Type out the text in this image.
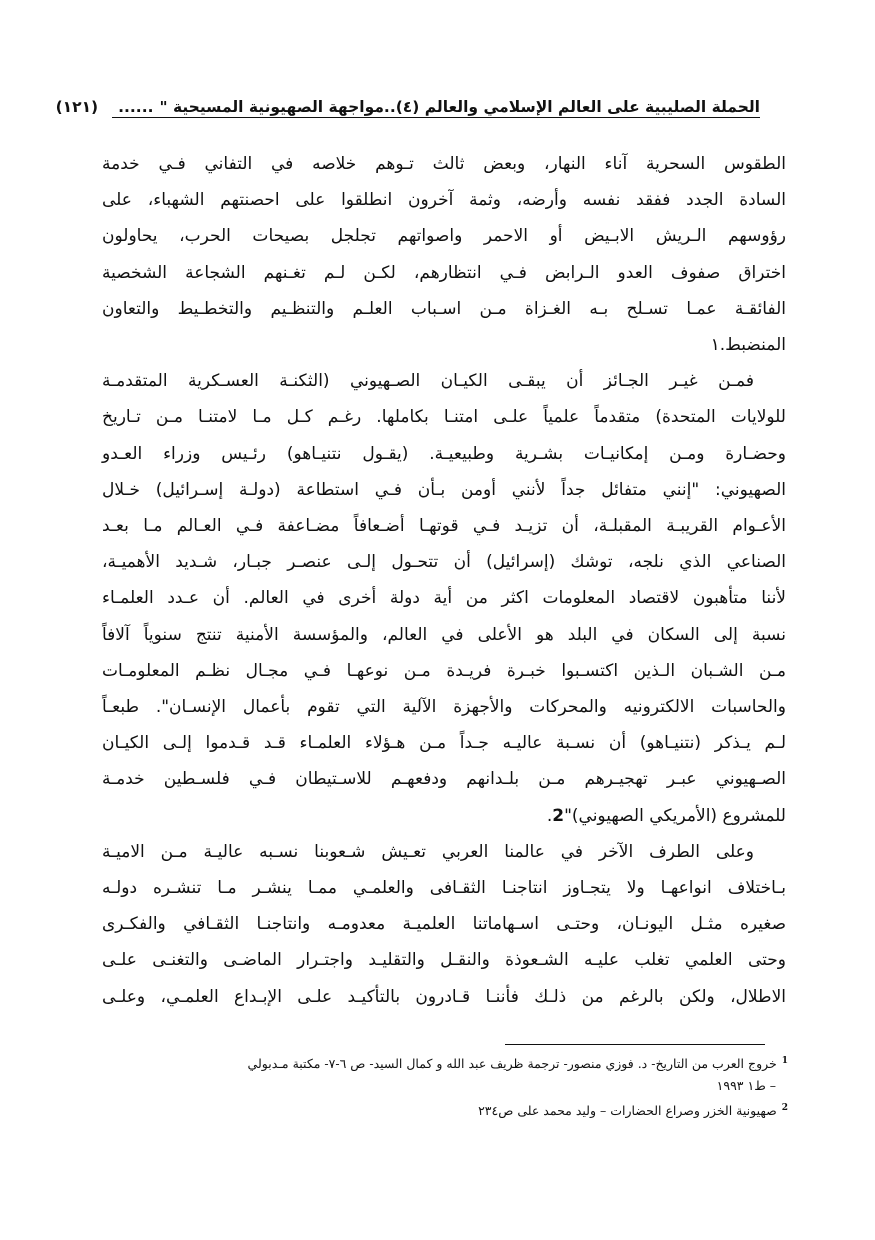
الحملة الصليبية على العالم الإسلامي والعالم (٤)..مواجهة الصهيونية المسيحية "
......
(١٢١)
الطقوس السحرية آناء النهار، وبعض ثالث تـوهم خلاصه في التفاني فـي خدمة
السادة الجدد ففقد نفسه وأرضه، وثمة آخرون انطلقوا على احصنتهم الشهباء، على
رؤوسهم الـريش الابـيض أو الاحمر واصواتهم تجلجل بصيحات الحرب، يحاولون
اختراق صفوف العدو الـرابض فـي انتظارهم، لكـن لـم تغـنهم الشجاعة الشخصية
الفائقـة عمـا تسـلح بـه الغـزاة مـن اسـباب العلـم والتنظـيم والتخطـيط والتعاون
المنضبط.١
فمـن غيـر الجـائز أن يبقـى الكيـان الصـهيوني (الثكنـة العسـكرية المتقدمـة
للولايات المتحدة) متقدماً علمياً علـى امتنـا بكاملها. رغـم كـل مـا لامتنـا مـن تـاريخ
وحضـارة ومـن إمكانيـات بشـرية وطبيعيـة. (يقـول نتنيـاهو) رئـيس وزراء العـدو
الصهيوني: "إنني متفائل جداً لأنني أومن بـأن فـي استطاعة (دولـة إسـرائيل) خـلال
الأعـوام القريبـة المقبلـة، أن تزيـد فـي قوتهـا أضـعافاً مضـاعفة فـي العـالم مـا بعـد
الصناعي الذي نلجه، توشك (إسرائيل) أن تتحـول إلـى عنصـر جبـار، شـديد الأهميـة،
لأننا متأهبون لاقتصاد المعلومات اكثر من أية دولة أخرى في العالم. أن عـدد العلمـاء
نسبة إلى السكان في البلد هو الأعلى في العالم، والمؤسسة الأمنية تنتج سنوياً آلافاً
مـن الشـبان الـذين اكتسـبوا خبـرة فريـدة مـن نوعهـا فـي مجـال نظـم المعلومـات
والحاسبات الالكترونيه والمحركات والأجهزة الآلية التي تقوم بأعمال الإنسـان". طبعـاً
لـم يـذكر (نتنيـاهو) أن نسـبة عاليـه جـداً مـن هـؤلاء العلمـاء قـد قـدموا إلـى الكيـان
الصـهيوني عبـر تهجيـرهم مـن بلـدانهم ودفعهـم للاسـتيطان فـي فلسـطين خدمـة
للمشروع (الأمريكي الصهيوني)"2.
وعلى الطرف الآخر في عالمنا العربي تعـيش شـعوبنا نسـبه عاليـة مـن الاميـة
بـاختلاف انواعهـا ولا يتجـاوز انتاجنـا الثقـافى والعلمـي ممـا ينشـر مـا تنشـره دولـه
صغيره مثـل اليونـان، وحتـى اسـهاماتنا العلميـة معدومـه وانتاجنـا الثقـافي والفكـرى
وحتى العلمي تغلب عليـه الشـعوذة والنقـل والتقليـد واجتـرار الماضـى والتغنـى علـى
الاطلال، ولكن بالرغم من ذلـك فأننـا قـادرون بالتأكيـد علـى الإبـداع العلمـي، وعلـى

$^1$خروج العرب من التاريخ- د. فوزي منصور- ترجمة ظريف عبد الله و كمال السيد- ص ٦-٧- مكتبة مـدبولي
– ط١ ١٩٩٣

$^2$صهيونية الخزر وصراع الحضارات – وليد محمد على ص٢٣٤
